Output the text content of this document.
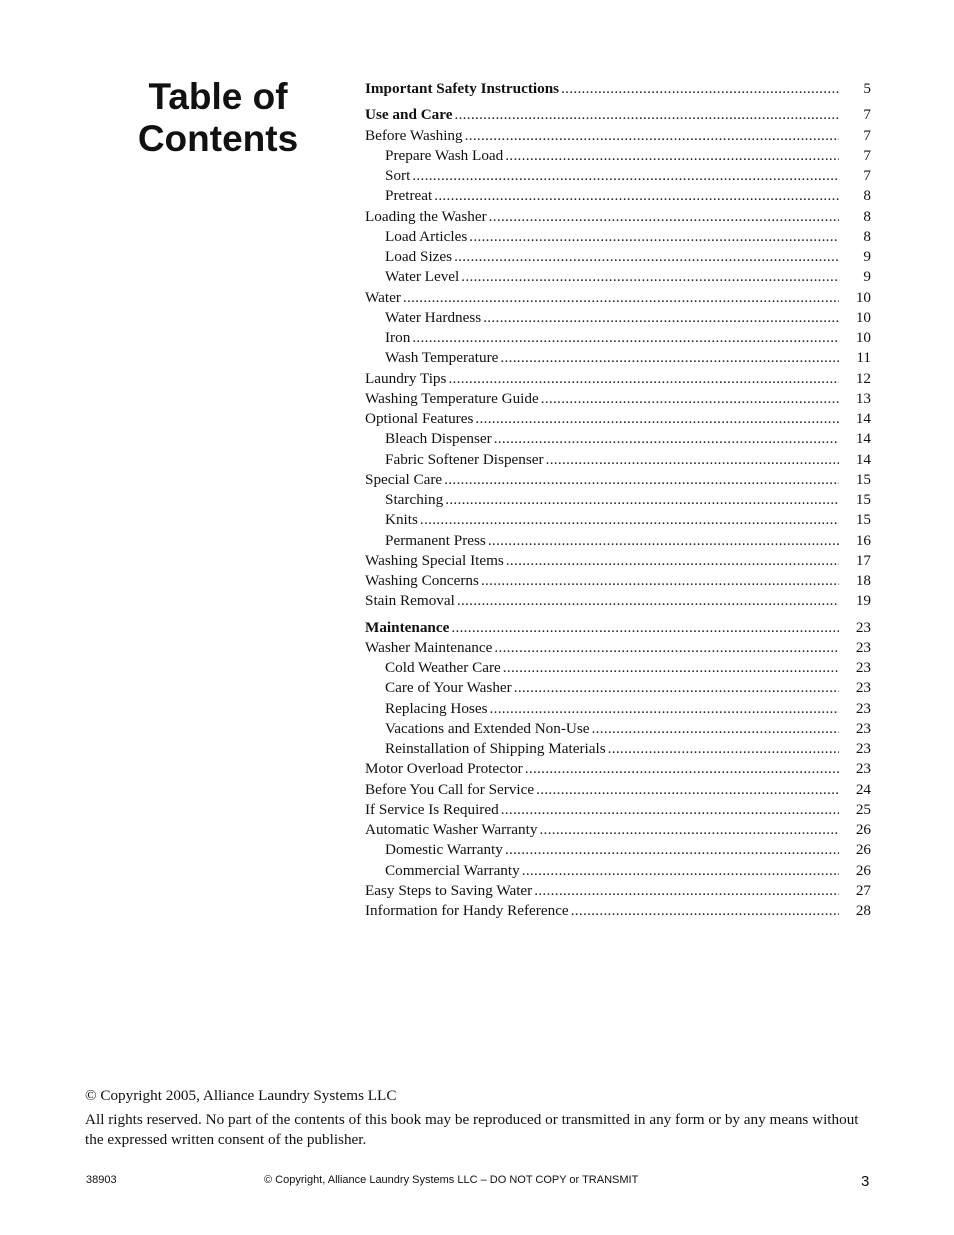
Table of
Contents
Important Safety Instructions .....	5
Use and Care .....	7
Before Washing .....	7
Prepare Wash Load .....	7
Sort .....	7
Pretreat .....	8
Loading the Washer .....	8
Load Articles .....	8
Load Sizes .....	9
Water Level .....	9
Water .....	10
Water Hardness .....	10
Iron .....	10
Wash Temperature .....	11
Laundry Tips .....	12
Washing Temperature Guide .....	13
Optional Features .....	14
Bleach Dispenser .....	14
Fabric Softener Dispenser .....	14
Special Care .....	15
Starching .....	15
Knits .....	15
Permanent Press .....	16
Washing Special Items .....	17
Washing Concerns .....	18
Stain Removal .....	19
Maintenance .....	23
Washer Maintenance .....	23
Cold Weather Care .....	23
Care of Your Washer .....	23
Replacing Hoses .....	23
Vacations and Extended Non-Use .....	23
Reinstallation of Shipping Materials .....	23
Motor Overload Protector .....	23
Before You Call for Service .....	24
If Service Is Required .....	25
Automatic Washer Warranty .....	26
Domestic Warranty .....	26
Commercial Warranty .....	26
Easy Steps to Saving Water .....	27
Information for Handy Reference .....	28
© Copyright 2005, Alliance Laundry Systems LLC
All rights reserved. No part of the contents of this book may be reproduced or transmitted in any form or by any means without the expressed written consent of the publisher.
38903	© Copyright, Alliance Laundry Systems LLC – DO NOT COPY or TRANSMIT	3
